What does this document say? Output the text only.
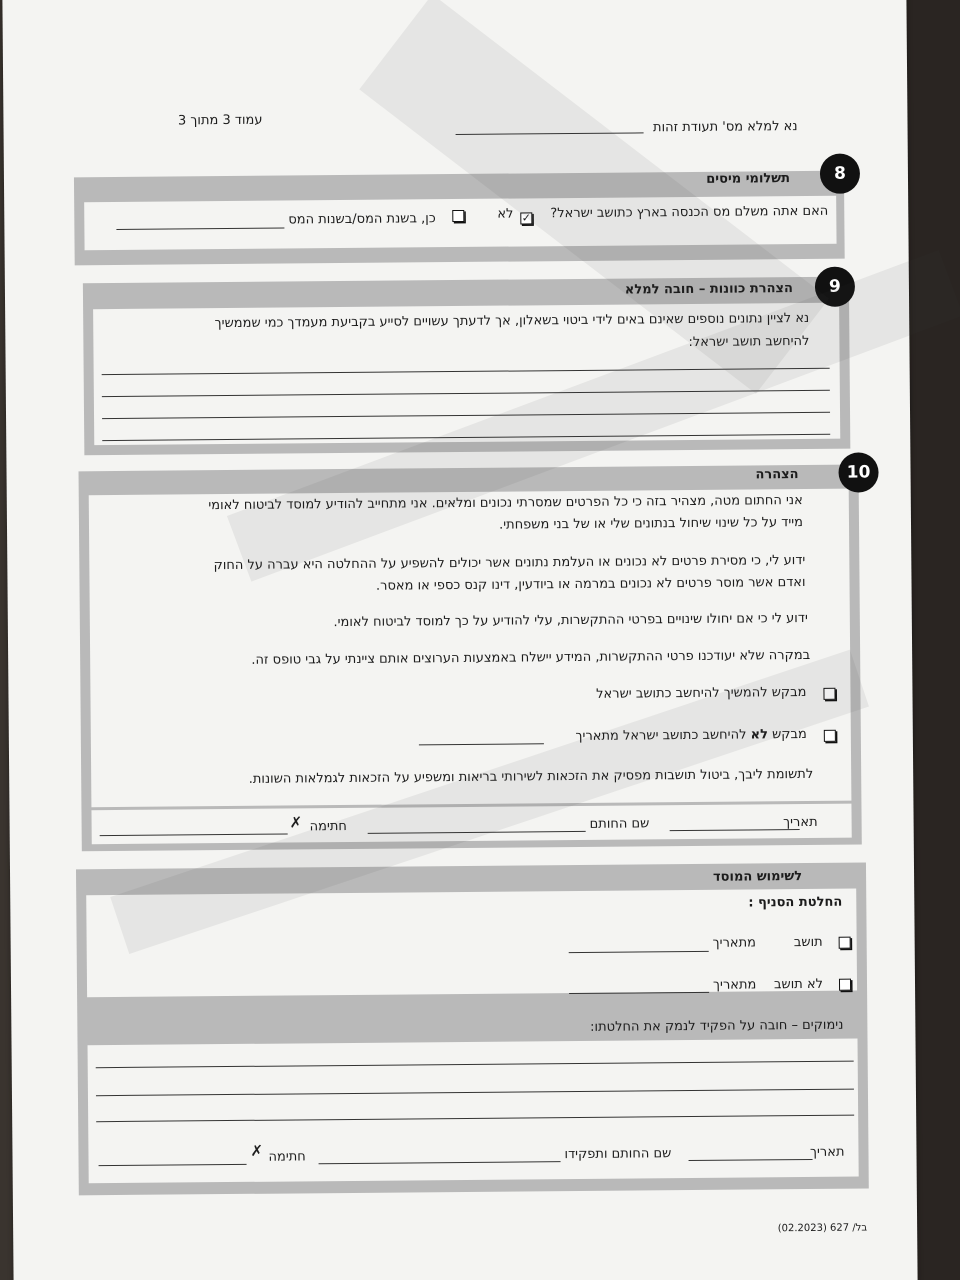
עמוד 3 מתוך 3	נא למלא מס' תעודת זהות
8
תשלומי מיסים
האם אתה משלם מס הכנסה בארץ כתושב ישראל?
✓
לא
כן, בשנת המס/בשנות המס
9
הצהרת כוונות – חובה למלא
נא לציין נתונים נוספים שאינם באים לידי ביטוי בשאלון, אך לדעתך עשויים לסייע בקביעת מעמדך כמי שממשיך
להיחשב תושב ישראל:
10
הצהרה
אני החתום מטה, מצהיר בזה כי כל הפרטים שמסרתי נכונים ומלאים. אני מתחייב להודיע למוסד לביטוח לאומי
מייד על כל שינוי שיחול בנתונים שלי או של בני משפחתי.
ידוע לי, כי מסירת פרטים לא נכונים או העלמת נתונים אשר יכולים להשפיע על ההחלטה היא עברה על החוק
ואדם אשר מוסר פרטים לא נכונים במרמה או ביודעין, דינו קנס כספי או מאסר.
ידוע לי כי אם יחולו שינויים בפרטי ההתקשרות, עלי להודיע על כך למוסד לביטוח לאומי.
במקרה שלא יעודכנו פרטי ההתקשרות, המידע יישלח באמצעות הערוצים אותם ציינתי על גבי טופס זה.
מבקש להמשיך להיחשב כתושב ישראל
מבקש לא להיחשב כתושב ישראל מתאריך
לתשומת ליבך, ביטול תושבות מפסיק את הזכאות לשירותי בריאות ומשפיע על הזכאות לגמלאות השונות.
תאריך
שם החותם
חתימה
✗
לשימוש המוסד
החלטת הסניף :
תושב
מתאריך
לא תושב
מתאריך
נימוקים – חובה על הפקיד לנמק את החלטתו:
תאריך
שם החותם ותפקידו
חתימה
✗
בל/ 627 (02.2023)
